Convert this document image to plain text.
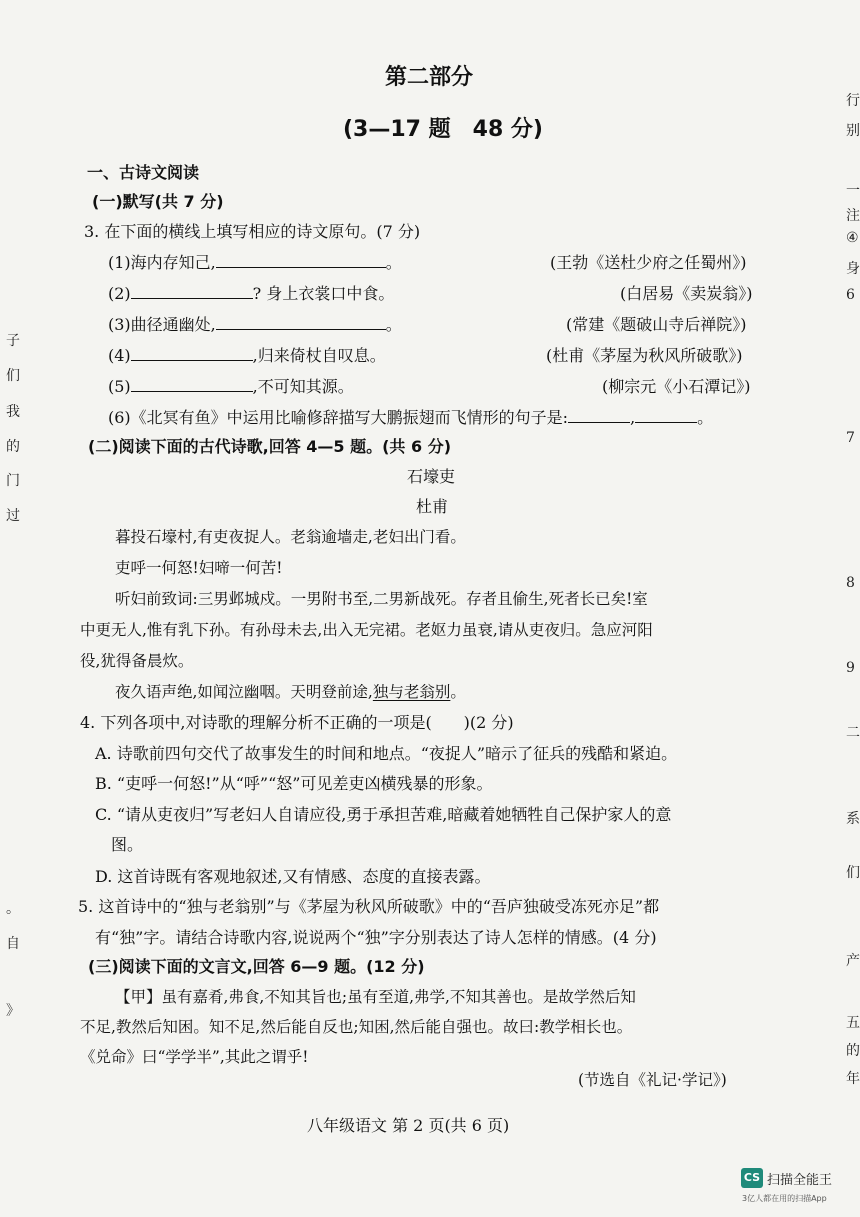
第二部分
(3—17 题　48 分)
一、古诗文阅读
(一)默写(共 7 分)
3. 在下面的横线上填写相应的诗文原句。(7 分)
(1)海内存知己,	。	(王勃《送杜少府之任蜀州》)
(2)	? 身上衣裳口中食。	(白居易《卖炭翁》)
(3)曲径通幽处,	。	(常建《题破山寺后禅院》)
(4)	,归来倚杖自叹息。	(杜甫《茅屋为秋风所破歌》)
(5)	,不可知其源。	(柳宗元《小石潭记》)
(6)《北冥有鱼》中运用比喻修辞描写大鹏振翅而飞情形的句子是:	,	。
(二)阅读下面的古代诗歌,回答 4—5 题。(共 6 分)
石壕吏
杜甫
暮投石壕村,有吏夜捉人。老翁逾墙走,老妇出门看。
吏呼一何怒!妇啼一何苦!
听妇前致词:三男邺城戍。一男附书至,二男新战死。存者且偷生,死者长已矣!室
中更无人,惟有乳下孙。有孙母未去,出入无完裙。老妪力虽衰,请从吏夜归。急应河阳
役,犹得备晨炊。
夜久语声绝,如闻泣幽咽。天明登前途,独与老翁别。
4. 下列各项中,对诗歌的理解分析不正确的一项是(　　)(2 分)
A. 诗歌前四句交代了故事发生的时间和地点。“夜捉人”暗示了征兵的残酷和紧迫。
B. “吏呼一何怒!”从“呼”“怒”可见差吏凶横残暴的形象。
C. “请从吏夜归”写老妇人自请应役,勇于承担苦难,暗藏着她牺牲自己保护家人的意
图。
D. 这首诗既有客观地叙述,又有情感、态度的直接表露。
5. 这首诗中的“独与老翁别”与《茅屋为秋风所破歌》中的“吾庐独破受冻死亦足”都
有“独”字。请结合诗歌内容,说说两个“独”字分别表达了诗人怎样的情感。(4 分)
(三)阅读下面的文言文,回答 6—9 题。(12 分)
【甲】虽有嘉肴,弗食,不知其旨也;虽有至道,弗学,不知其善也。是故学然后知
不足,教然后知困。知不足,然后能自反也;知困,然后能自强也。故曰:教学相长也。
《兑命》曰“学学半”,其此之谓乎!
(节选自《礼记·学记》)
八年级语文 第 2 页(共 6 页)
CS 扫描全能王
3亿人都在用的扫描App
子
们
我
的
门
过
。
自
》
行
别
一
注
④
身
6
7
8
9
二
系
们
产
五
的
年
